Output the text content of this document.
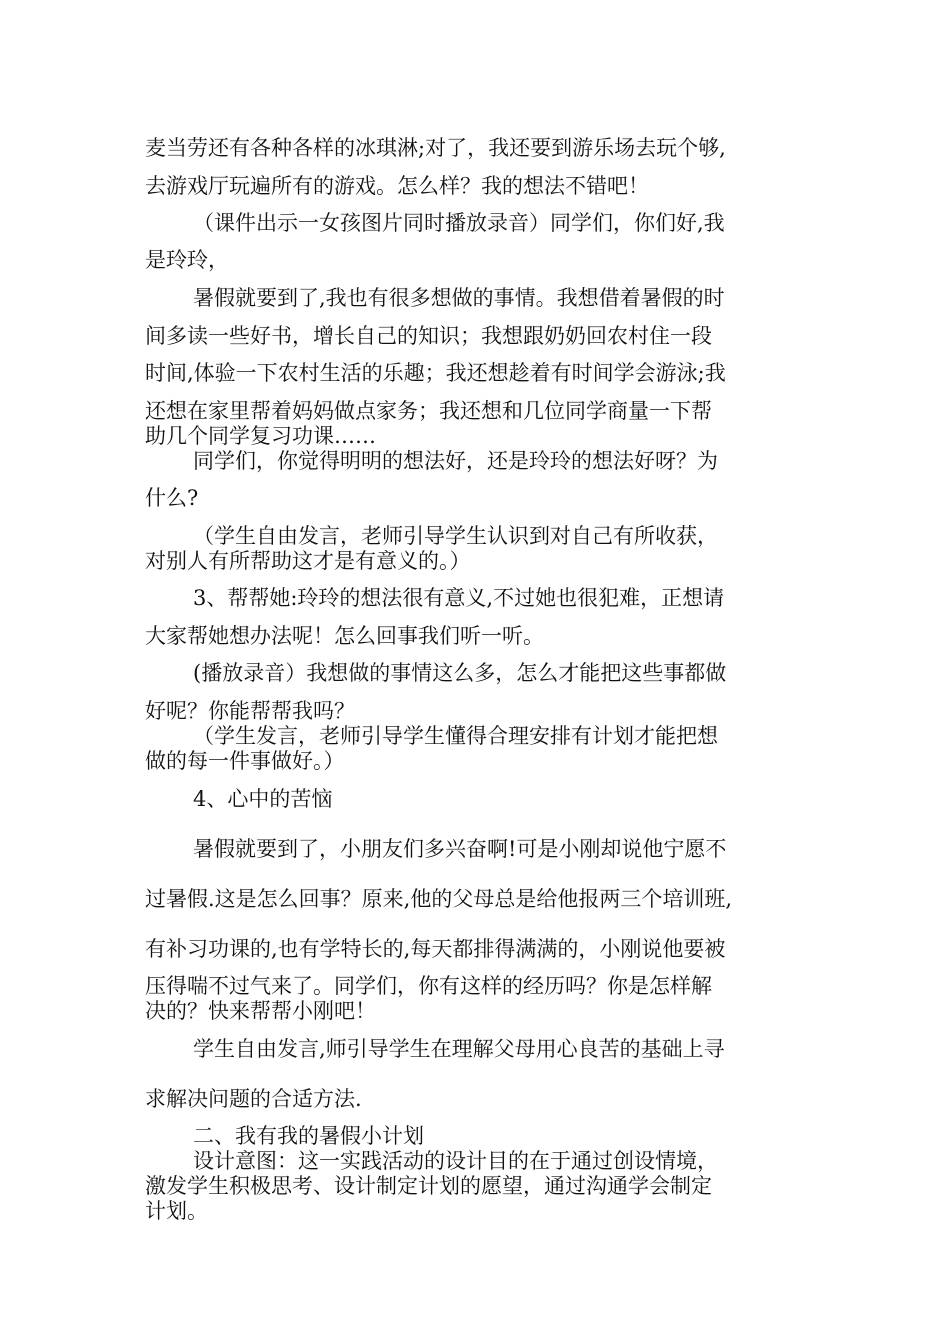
麦当劳还有各种各样的冰琪淋;对了，我还要到游乐场去玩个够,
去游戏厅玩遍所有的游戏。怎么样？我的想法不错吧！
（课件出示一女孩图片同时播放录音）同学们，你们好,我
是玲玲，
暑假就要到了,我也有很多想做的事情。我想借着暑假的时
间多读一些好书，增长自己的知识；我想跟奶奶回农村住一段
时间,体验一下农村生活的乐趣；我还想趁着有时间学会游泳;我
还想在家里帮着妈妈做点家务；我还想和几位同学商量一下帮
助几个同学复习功课……
同学们，你觉得明明的想法好，还是玲玲的想法好呀？为
什么?
（学生自由发言，老师引导学生认识到对自己有所收获，
对别人有所帮助这才是有意义的。）
3、帮帮她:玲玲的想法很有意义,不过她也很犯难，正想请
大家帮她想办法呢！怎么回事我们听一听。
(播放录音）我想做的事情这么多，怎么才能把这些事都做
好呢？你能帮帮我吗？
（学生发言，老师引导学生懂得合理安排有计划才能把想
做的每一件事做好。）
4、心中的苦恼
暑假就要到了，小朋友们多兴奋啊!可是小刚却说他宁愿不
过暑假.这是怎么回事？原来,他的父母总是给他报两三个培训班,
有补习功课的,也有学特长的,每天都排得满满的，小刚说他要被
压得喘不过气来了。同学们，你有这样的经历吗？你是怎样解
决的？快来帮帮小刚吧！
学生自由发言,师引导学生在理解父母用心良苦的基础上寻
求解决问题的合适方法.
二、我有我的暑假小计划
设计意图：这一实践活动的设计目的在于通过创设情境，
激发学生积极思考、设计制定计划的愿望，通过沟通学会制定
计划。
